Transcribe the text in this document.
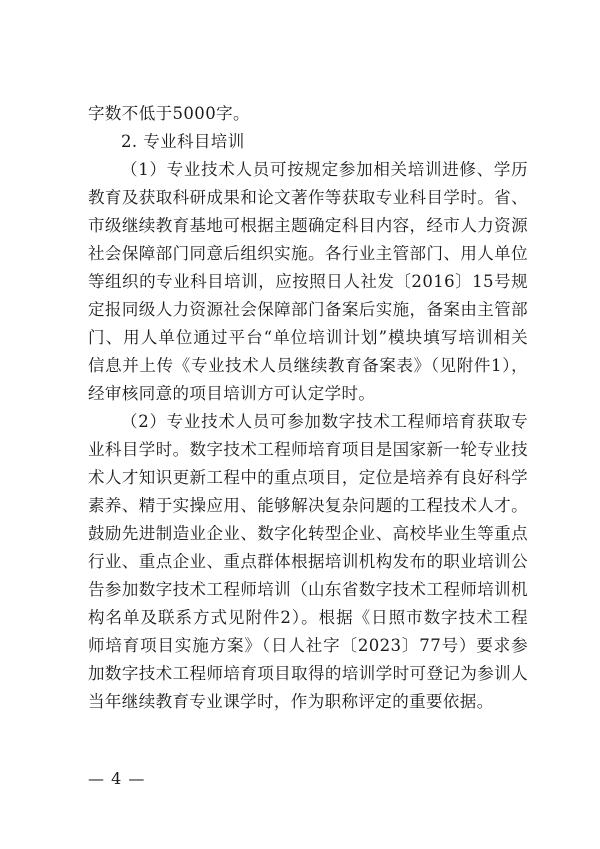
字数不低于5000字。

2. 专业科目培训

（1）专业技术人员可按规定参加相关培训进修、学历教育及获取科研成果和论文著作等获取专业科目学时。省、市级继续教育基地可根据主题确定科目内容，经市人力资源社会保障部门同意后组织实施。各行业主管部门、用人单位等组织的专业科目培训，应按照日人社发〔2016〕15号规定报同级人力资源社会保障部门备案后实施，备案由主管部门、用人单位通过平台“单位培训计划”模块填写培训相关信息并上传《专业技术人员继续教育备案表》（见附件1），经审核同意的项目培训方可认定学时。

（2）专业技术人员可参加数字技术工程师培育获取专业科目学时。数字技术工程师培育项目是国家新一轮专业技术人才知识更新工程中的重点项目，定位是培养有良好科学素养、精于实操应用、能够解决复杂问题的工程技术人才。鼓励先进制造业企业、数字化转型企业、高校毕业生等重点行业、重点企业、重点群体根据培训机构发布的职业培训公告参加数字技术工程师培训（山东省数字技术工程师培训机构名单及联系方式见附件2）。根据《日照市数字技术工程师培育项目实施方案》（日人社字〔2023〕77号）要求参加数字技术工程师培育项目取得的培训学时可登记为参训人当年继续教育专业课学时，作为职称评定的重要依据。

— 4 —
